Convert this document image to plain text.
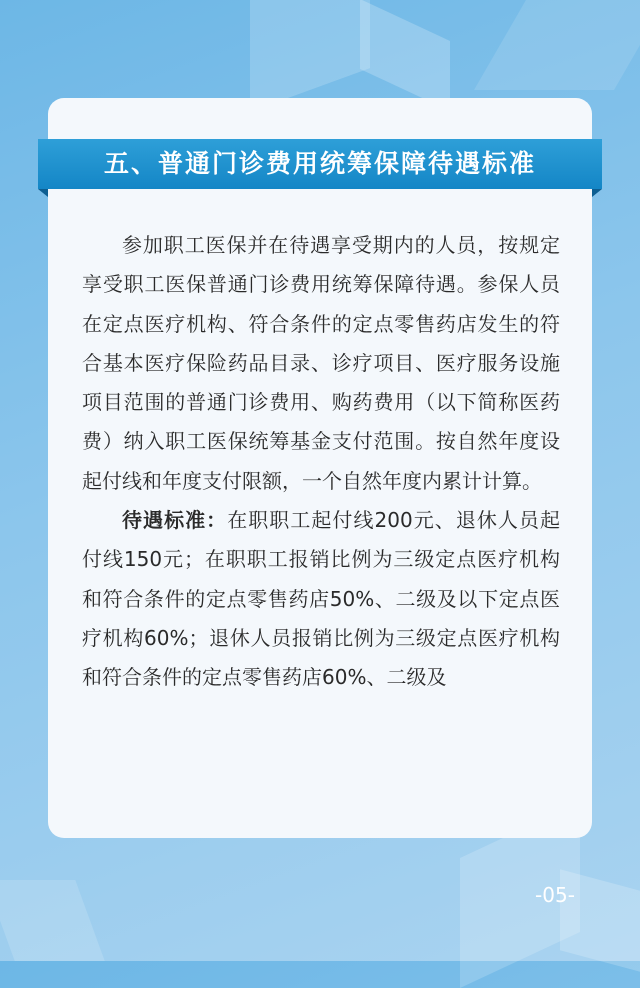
五、普通门诊费用统筹保障待遇标准

参加职工医保并在待遇享受期内的人员，按规定享受职工医保普通门诊费用统筹保障待遇。参保人员在定点医疗机构、符合条件的定点零售药店发生的符合基本医疗保险药品目录、诊疗项目、医疗服务设施项目范围的普通门诊费用、购药费用（以下简称医药费）纳入职工医保统筹基金支付范围。按自然年度设起付线和年度支付限额，一个自然年度内累计计算。

待遇标准：在职职工起付线200元、退休人员起付线150元；在职职工报销比例为三级定点医疗机构和符合条件的定点零售药店50%、二级及以下定点医疗机构60%；退休人员报销比例为三级定点医疗机构和符合条件的定点零售药店60%、二级及

-05-
